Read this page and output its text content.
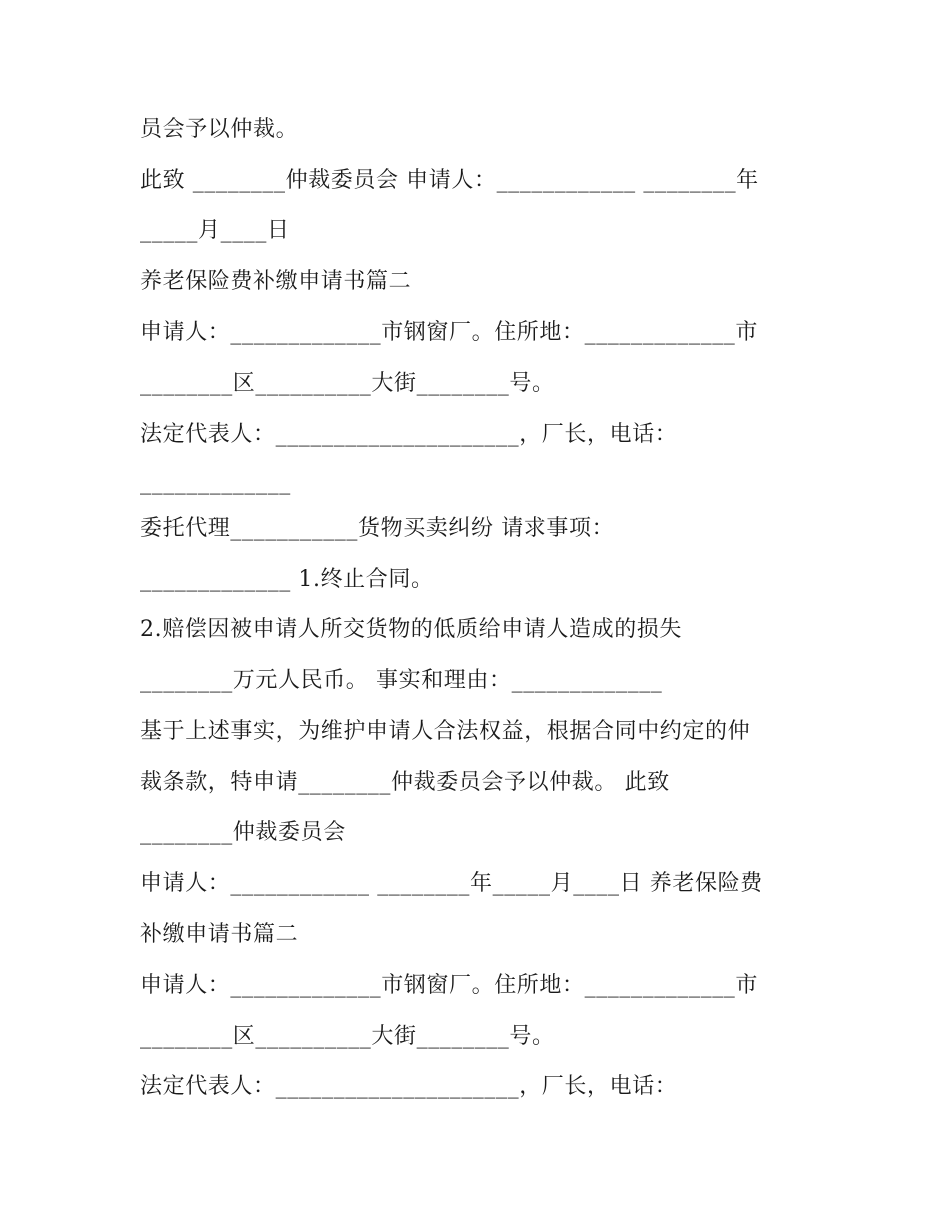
员会予以仲裁。
此致 ________仲裁委员会 申请人：____________ ________年
_____月____日
养老保险费补缴申请书篇二
申请人：_____________市钢窗厂。住所地：_____________市
________区__________大街________号。
法定代表人：_____________________，厂长，电话：
_____________
委托代理___________货物买卖纠纷 请求事项：
_____________ 1.终止合同。
2.赔偿因被申请人所交货物的低质给申请人造成的损失
________万元人民币。 事实和理由：_____________
基于上述事实，为维护申请人合法权益，根据合同中约定的仲
裁条款，特申请________仲裁委员会予以仲裁。 此致
________仲裁委员会
申请人：____________ ________年_____月____日 养老保险费
补缴申请书篇二
申请人：_____________市钢窗厂。住所地：_____________市
________区__________大街________号。
法定代表人：_____________________，厂长，电话：
